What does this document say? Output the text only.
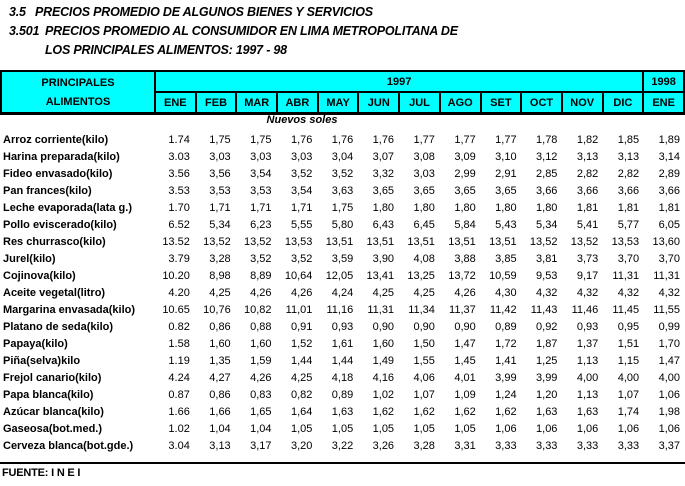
3.5 PRECIOS PROMEDIO DE ALGUNOS BIENES Y SERVICIOS
3.501 PRECIOS PROMEDIO AL CONSUMIDOR EN LIMA METROPOLITANA DE
LOS PRINCIPALES ALIMENTOS: 1997 - 98
PRINCIPALES
ALIMENTOS	1997												1998
	ENE	FEB	MAR	ABR	MAY	JUN	JUL	AGO	SET	OCT	NOV	DIC	ENE
Nuevos soles
Arroz corriente(kilo)	1.74	1,75	1,75	1,76	1,76	1,76	1,77	1,77	1,77	1,78	1,82	1,85	1,89
Harina preparada(kilo)	3.03	3,03	3,03	3,03	3,04	3,07	3,08	3,09	3,10	3,12	3,13	3,13	3,14
Fideo envasado(kilo)	3.56	3,56	3,54	3,52	3,52	3,32	3,03	2,99	2,91	2,85	2,82	2,82	2,89
Pan frances(kilo)	3.53	3,53	3,53	3,54	3,63	3,65	3,65	3,65	3,65	3,66	3,66	3,66	3,66
Leche evaporada(lata g.)	1.70	1,71	1,71	1,71	1,75	1,80	1,80	1,80	1,80	1,80	1,81	1,81	1,81
Pollo eviscerado(kilo)	6.52	5,34	6,23	5,55	5,80	6,43	6,45	5,84	5,43	5,34	5,41	5,77	6,05
Res churrasco(kilo)	13.52	13,52	13,52	13,53	13,51	13,51	13,51	13,51	13,51	13,52	13,52	13,53	13,60
Jurel(kilo)	3.79	3,28	3,52	3,52	3,59	3,90	4,08	3,88	3,85	3,81	3,73	3,70	3,70
Cojinova(kilo)	10.20	8,98	8,89	10,64	12,05	13,41	13,25	13,72	10,59	9,53	9,17	11,31	11,31
Aceite vegetal(litro)	4.20	4,25	4,26	4,26	4,24	4,25	4,25	4,26	4,30	4,32	4,32	4,32	4,32
Margarina envasada(kilo)	10.65	10,76	10,82	11,01	11,16	11,31	11,34	11,37	11,42	11,43	11,46	11,45	11,55
Platano de seda(kilo)	0.82	0,86	0,88	0,91	0,93	0,90	0,90	0,90	0,89	0,92	0,93	0,95	0,99
Papaya(kilo)	1.58	1,60	1,60	1,52	1,61	1,60	1,50	1,47	1,72	1,87	1,37	1,51	1,70
Piña(selva)kilo	1.19	1,35	1,59	1,44	1,44	1,49	1,55	1,45	1,41	1,25	1,13	1,15	1,47
Frejol canario(kilo)	4.24	4,27	4,26	4,25	4,18	4,16	4,06	4,01	3,99	3,99	4,00	4,00	4,00
Papa blanca(kilo)	0.87	0,86	0,83	0,82	0,89	1,02	1,07	1,09	1,24	1,20	1,13	1,07	1,06
Azúcar blanca(kilo)	1.66	1,66	1,65	1,64	1,63	1,62	1,62	1,62	1,62	1,63	1,63	1,74	1,98
Gaseosa(bot.med.)	1.02	1,04	1,04	1,05	1,05	1,05	1,05	1,05	1,06	1,06	1,06	1,06	1,06
Cerveza blanca(bot.gde.)	3.04	3,13	3,17	3,20	3,22	3,26	3,28	3,31	3,33	3,33	3,33	3,33	3,37
FUENTE: I N E I
